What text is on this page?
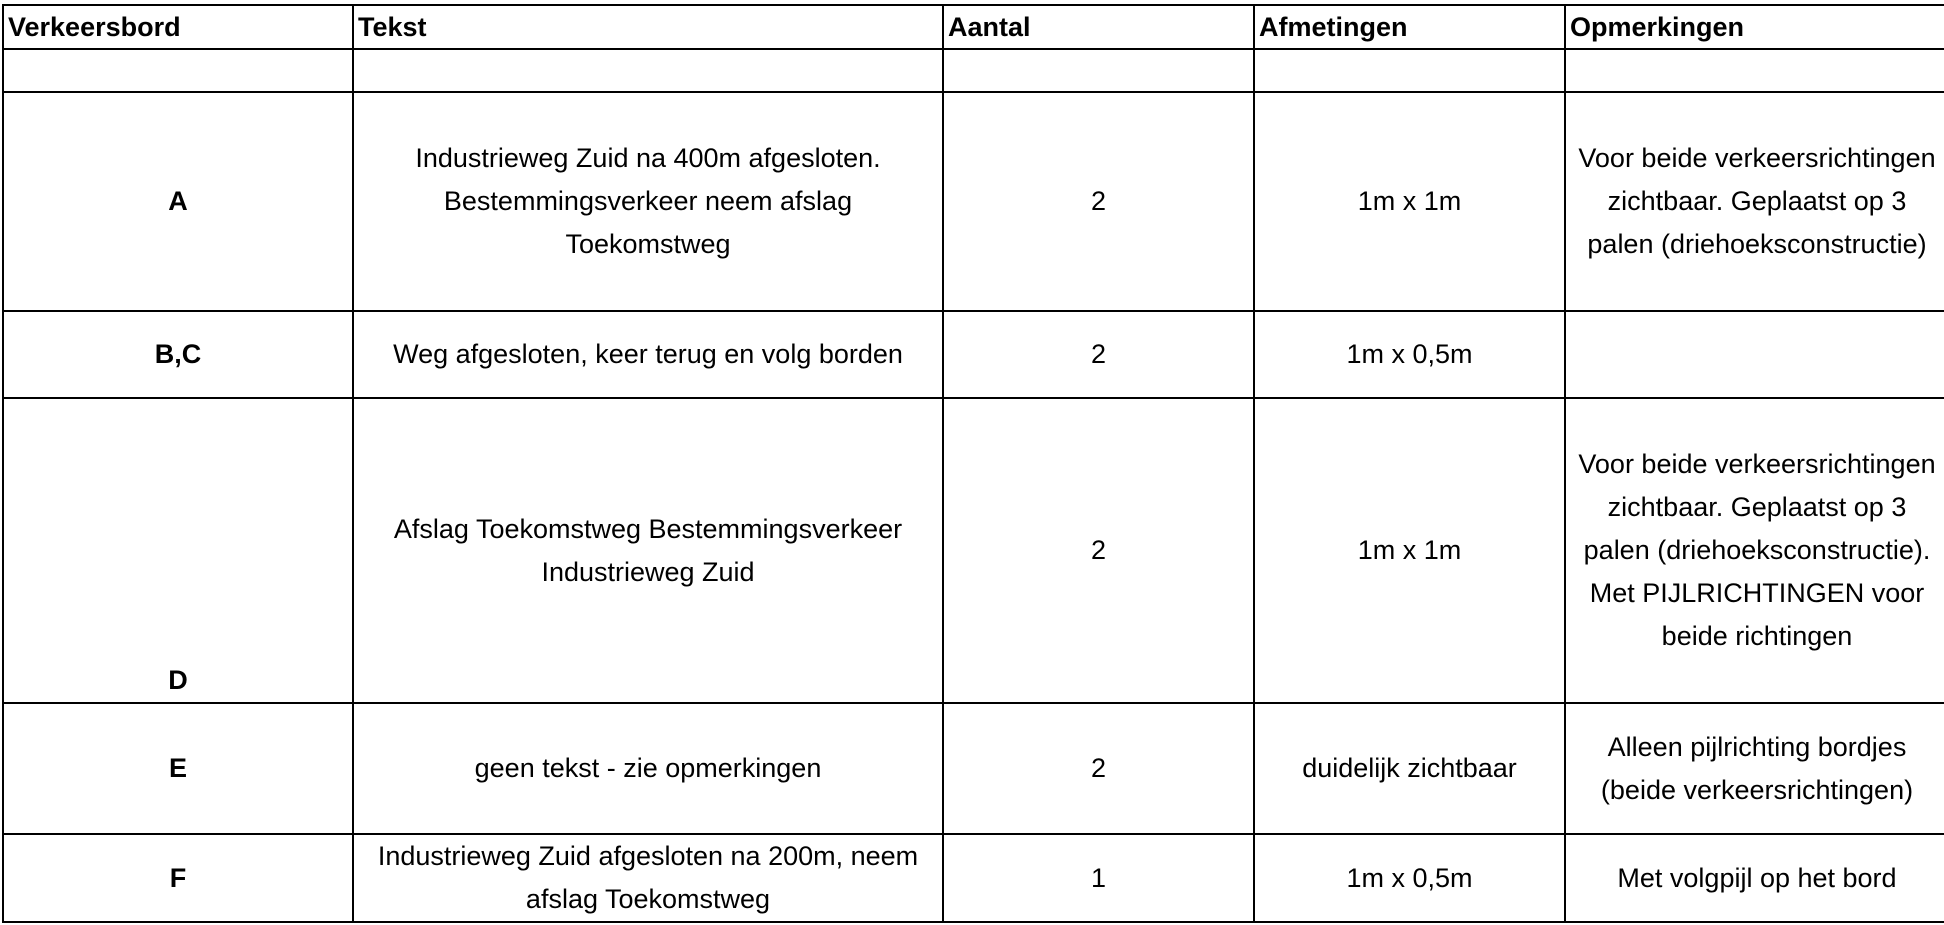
Verkeersbord	Tekst	Aantal	Afmetingen	Opmerkingen

A	Industrieweg Zuid na 400m afgesloten. Bestemmingsverkeer neem afslag Toekomstweg	2	1m x 1m	Voor beide verkeersrichtingen zichtbaar. Geplaatst op 3 palen (driehoeksconstructie)
B,C	Weg afgesloten, keer terug en volg borden	2	1m x 0,5m	
D	Afslag Toekomstweg Bestemmingsverkeer Industrieweg Zuid	2	1m x 1m	Voor beide verkeersrichtingen zichtbaar. Geplaatst op 3 palen (driehoeksconstructie). Met PIJLRICHTINGEN voor beide richtingen
E	geen tekst - zie opmerkingen	2	duidelijk zichtbaar	Alleen pijlrichting bordjes (beide verkeersrichtingen)
F	Industrieweg Zuid afgesloten na 200m, neem afslag Toekomstweg	1	1m x 0,5m	Met volgpijl op het bord
